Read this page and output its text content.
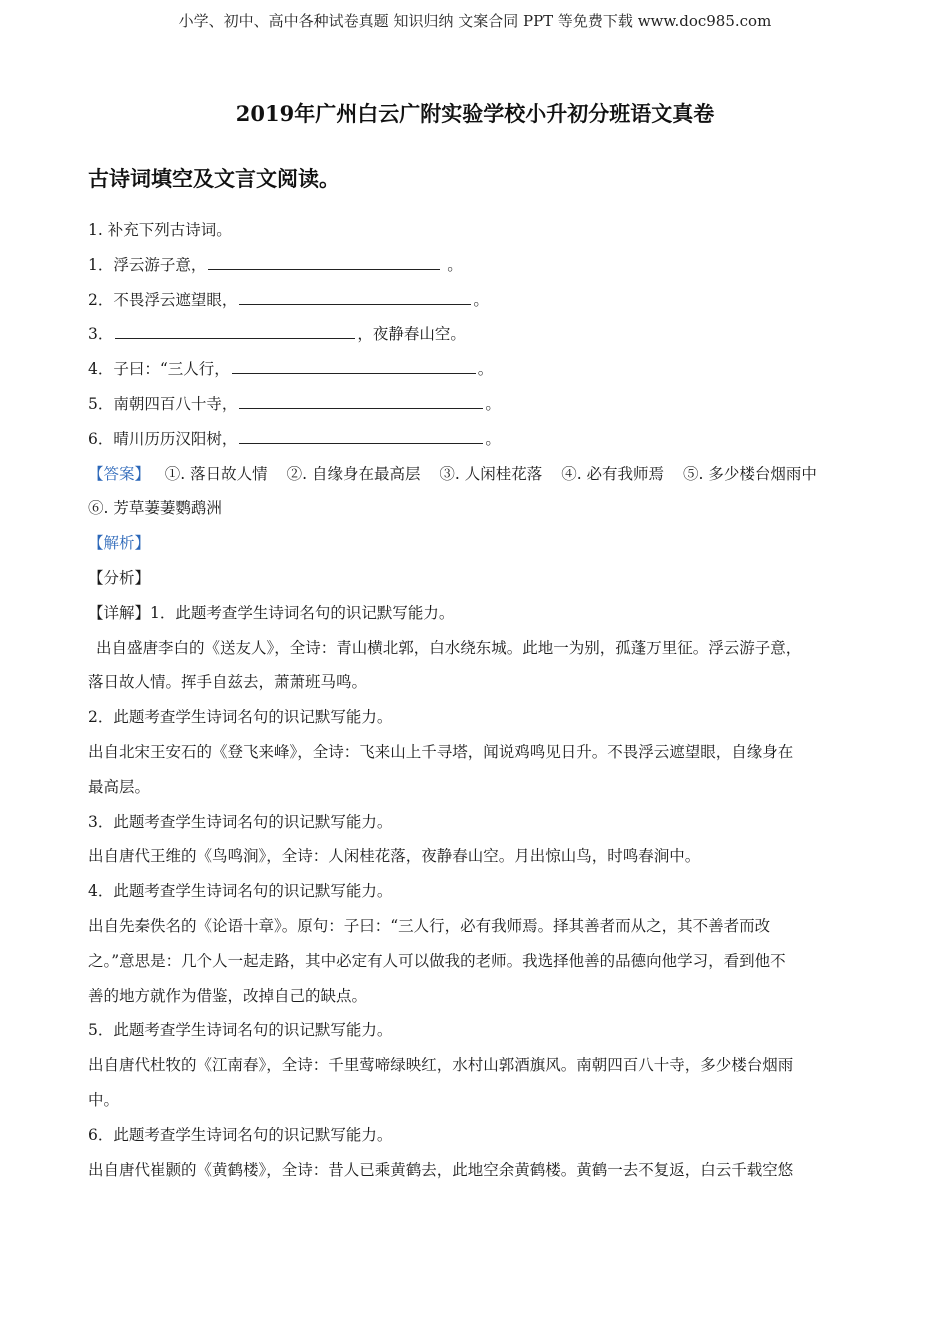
小学、初中、高中各种试卷真题 知识归纳 文案合同 PPT 等免费下载 www.doc985.com
2019年广州白云广附实验学校小升初分班语文真卷
古诗词填空及文言文阅读。
1. 补充下列古诗词。
1．浮云游子意，	。
2．不畏浮云遮望眼，	。
3．	，夜静春山空。
4．子曰：“三人行，	。
5．南朝四百八十寺，	。
6．晴川历历汉阳树，	。
【答案】 ①. 落日故人情 ②. 自缘身在最高层 ③. 人闲桂花落 ④. 必有我师焉 ⑤. 多少楼台烟雨中
⑥. 芳草萋萋鹦鹉洲
【解析】
【分析】
【详解】1．此题考查学生诗词名句的识记默写能力。
出自盛唐李白的《送友人》，全诗：青山横北郭，白水绕东城。此地一为别，孤蓬万里征。浮云游子意，
落日故人情。挥手自兹去，萧萧班马鸣。
2．此题考查学生诗词名句的识记默写能力。
出自北宋王安石的《登飞来峰》，全诗：飞来山上千寻塔，闻说鸡鸣见日升。不畏浮云遮望眼，自缘身在
最高层。
3．此题考查学生诗词名句的识记默写能力。
出自唐代王维的《鸟鸣涧》，全诗：人闲桂花落，夜静春山空。月出惊山鸟，时鸣春涧中。
4．此题考查学生诗词名句的识记默写能力。
出自先秦佚名的《论语十章》。原句：子曰：“三人行，必有我师焉。择其善者而从之，其不善者而改
之。”意思是：几个人一起走路，其中必定有人可以做我的老师。我选择他善的品德向他学习，看到他不
善的地方就作为借鉴，改掉自己的缺点。
5．此题考查学生诗词名句的识记默写能力。
出自唐代杜牧的《江南春》，全诗：千里莺啼绿映红，水村山郭酒旗风。南朝四百八十寺，多少楼台烟雨
中。
6．此题考查学生诗词名句的识记默写能力。
出自唐代崔颢的《黄鹤楼》，全诗：昔人已乘黄鹤去，此地空余黄鹤楼。黄鹤一去不复返，白云千载空悠
